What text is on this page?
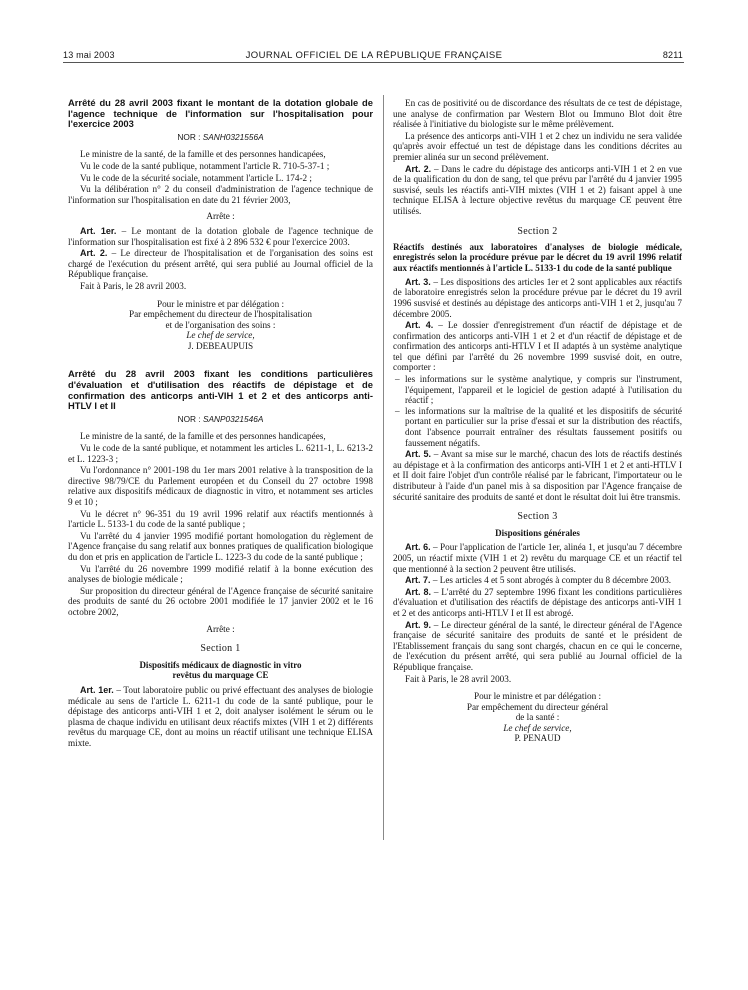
13 mai 2003	JOURNAL OFFICIEL DE LA RÉPUBLIQUE FRANÇAISE	8211
Arrêté du 28 avril 2003 fixant le montant de la dotation globale de l'agence technique de l'information sur l'hospitalisation pour l'exercice 2003
NOR : SANH0321556A

Le ministre de la santé, de la famille et des personnes handicapées,

Vu le code de la santé publique, notamment l'article R. 710-5-37-1 ;

Vu le code de la sécurité sociale, notamment l'article L. 174-2 ;

Vu la délibération n° 2 du conseil d'administration de l'agence technique de l'information sur l'hospitalisation en date du 21 février 2003,

Arrête :

Art. 1er. – Le montant de la dotation globale de l'agence technique de l'information sur l'hospitalisation est fixé à 2 896 532 € pour l'exercice 2003.

Art. 2. – Le directeur de l'hospitalisation et de l'organisation des soins est chargé de l'exécution du présent arrêté, qui sera publié au Journal officiel de la République française.

Fait à Paris, le 28 avril 2003.

Pour le ministre et par délégation :

Par empêchement du directeur de l'hospitalisation

et de l'organisation des soins :

Le chef de service,

J. DEBEAUPUIS

Arrêté du 28 avril 2003 fixant les conditions particulières d'évaluation et d'utilisation des réactifs de dépistage et de confirmation des anticorps anti-VIH 1 et 2 et des anticorps anti-HTLV I et II
NOR : SANP0321546A

Le ministre de la santé, de la famille et des personnes handicapées,

Vu le code de la santé publique, et notamment les articles L. 6211-1, L. 6213-2 et L. 1223-3 ;

Vu l'ordonnance n° 2001-198 du 1er mars 2001 relative à la transposition de la directive 98/79/CE du Parlement européen et du Conseil du 27 octobre 1998 relative aux dispositifs médicaux de diagnostic in vitro, et notamment ses articles 9 et 10 ;

Vu le décret n° 96-351 du 19 avril 1996 relatif aux réactifs mentionnés à l'article L. 5133-1 du code de la santé publique ;

Vu l'arrêté du 4 janvier 1995 modifié portant homologation du règlement de l'Agence française du sang relatif aux bonnes pratiques de qualification biologique du don et pris en application de l'article L. 1223-3 du code de la santé publique ;

Vu l'arrêté du 26 novembre 1999 modifié relatif à la bonne exécution des analyses de biologie médicale ;

Sur proposition du directeur général de l'Agence française de sécurité sanitaire des produits de santé du 26 octobre 2001 modifiée le 17 janvier 2002 et le 16 octobre 2002,

Arrête :

Section 1

Dispositifs médicaux de diagnostic in vitro

revêtus du marquage CE

Art. 1er. – Tout laboratoire public ou privé effectuant des analyses de biologie médicale au sens de l'article L. 6211-1 du code de la santé publique, pour le dépistage des anticorps anti-VIH 1 et 2, doit analyser isolément le sérum ou le plasma de chaque individu en utilisant deux réactifs mixtes (VIH 1 et 2) différents revêtus du marquage CE, dont au moins un réactif utilisant une technique ELISA mixte.

En cas de positivité ou de discordance des résultats de ce test de dépistage, une analyse de confirmation par Western Blot ou Immuno Blot doit être réalisée à l'initiative du biologiste sur le même prélèvement.

La présence des anticorps anti-VIH 1 et 2 chez un individu ne sera validée qu'après avoir effectué un test de dépistage dans les conditions décrites au premier alinéa sur un second prélèvement.

Art. 2. – Dans le cadre du dépistage des anticorps anti-VIH 1 et 2 en vue de la qualification du don de sang, tel que prévu par l'arrêté du 4 janvier 1995 susvisé, seuls les réactifs anti-VIH mixtes (VIH 1 et 2) faisant appel à une technique ELISA à lecture objective revêtus du marquage CE peuvent être utilisés.

Section 2

Réactifs destinés aux laboratoires d'analyses de biologie médicale, enregistrés selon la procédure prévue par le décret du 19 avril 1996 relatif aux réactifs mentionnés à l'article L. 5133-1 du code de la santé publique

Art. 3. – Les dispositions des articles 1er et 2 sont applicables aux réactifs de laboratoire enregistrés selon la procédure prévue par le décret du 19 avril 1996 susvisé et destinés au dépistage des anticorps anti-VIH 1 et 2, jusqu'au 7 décembre 2005.

Art. 4. – Le dossier d'enregistrement d'un réactif de dépistage et de confirmation des anticorps anti-VIH 1 et 2 et d'un réactif de dépistage et de confirmation des anticorps anti-HTLV I et II adaptés à un système analytique tel que défini par l'arrêté du 26 novembre 1999 susvisé doit, en outre, comporter :

– les informations sur le système analytique, y compris sur l'instrument, l'équipement, l'appareil et le logiciel de gestion adapté à l'utilisation du réactif ;
– les informations sur la maîtrise de la qualité et les dispositifs de sécurité portant en particulier sur la prise d'essai et sur la distribution des réactifs, dont l'absence pourrait entraîner des résultats faussement positifs ou faussement négatifs.

Art. 5. – Avant sa mise sur le marché, chacun des lots de réactifs destinés au dépistage et à la confirmation des anticorps anti-VIH 1 et 2 et anti-HTLV I et II doit faire l'objet d'un contrôle réalisé par le fabricant, l'importateur ou le distributeur à l'aide d'un panel mis à sa disposition par l'Agence française de sécurité sanitaire des produits de santé et dont le résultat doit lui être transmis.

Section 3

Dispositions générales

Art. 6. – Pour l'application de l'article 1er, alinéa 1, et jusqu'au 7 décembre 2005, un réactif mixte (VIH 1 et 2) revêtu du marquage CE et un réactif tel que mentionné à la section 2 peuvent être utilisés.

Art. 7. – Les articles 4 et 5 sont abrogés à compter du 8 décembre 2003.

Art. 8. – L'arrêté du 27 septembre 1996 fixant les conditions particulières d'évaluation et d'utilisation des réactifs de dépistage des anticorps anti-VIH 1 et 2 et des anticorps anti-HTLV I et II est abrogé.

Art. 9. – Le directeur général de la santé, le directeur général de l'Agence française de sécurité sanitaire des produits de santé et le président de l'Etablissement français du sang sont chargés, chacun en ce qui le concerne, de l'exécution du présent arrêté, qui sera publié au Journal officiel de la République française.

Fait à Paris, le 28 avril 2003.

Pour le ministre et par délégation :

Par empêchement du directeur général

de la santé :

Le chef de service,

P. PENAUD
